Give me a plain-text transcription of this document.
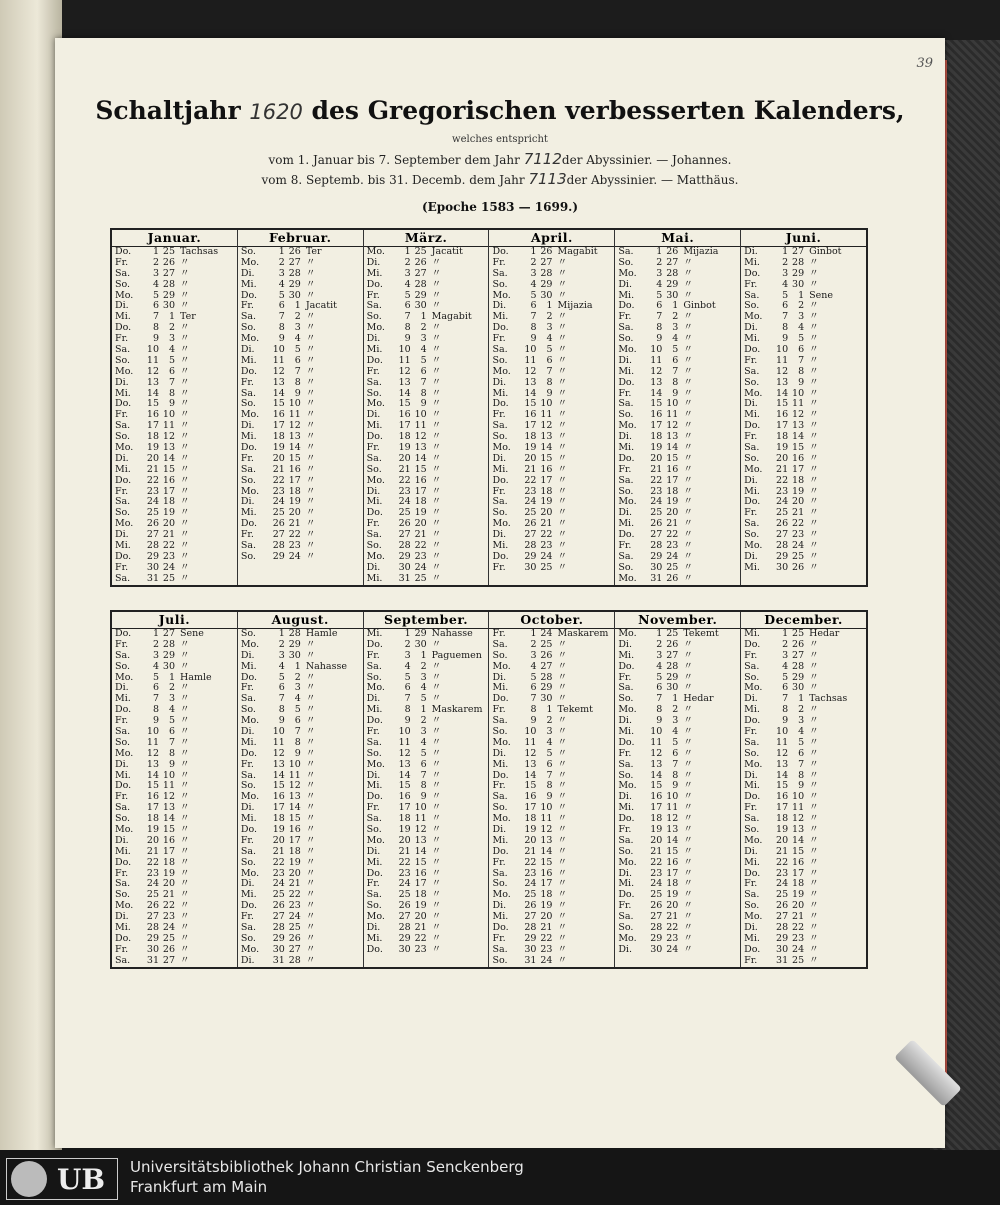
39
Schaltjahr 1620 des Gregorischen verbesserten Kalenders,
welches entspricht
vom 1. Januar bis 7. September dem Jahr 7112der Abyssinier. — Johannes.
vom 8. Septemb. bis 31. Decemb. dem Jahr 7113der Abyssinier. — Matthäus.
(Epoche 1583 — 1699.)
Januar.
Do.	1 25 Tachsas
Fr.	2 26 〃
Sa.	3 27 〃
So.	4 28 〃
Mo.	5 29 〃
Di.	6 30 〃
Mi.	7	1 Ter
Do.	8	2 〃
Fr.	9	3 〃
Sa.	10	4 〃
So.	11	5 〃
Mo.	12	6 〃
Di.	13	7 〃
Mi.	14	8 〃
Do.	15	9 〃
Fr.	16 10 〃
Sa.	17 11 〃
So.	18 12 〃
Mo.	19 13 〃
Di.	20 14 〃
Mi.	21 15 〃
Do.	22 16 〃
Fr.	23 17 〃
Sa.	24 18 〃
So.	25 19 〃
Mo.	26 20 〃
Di.	27 21 〃
Mi.	28 22 〃
Do.	29 23 〃
Fr.	30 24 〃
Sa.	31 25 〃
Februar.
So.	1 26 Ter
Mo.	2 27 〃
Di.	3 28 〃
Mi.	4 29 〃
Do.	5 30 〃
Fr.	6	1 Jacatit
Sa.	7	2 〃
So.	8	3 〃
Mo.	9	4 〃
Di.	10	5 〃
Mi.	11	6 〃
Do.	12	7 〃
Fr.	13	8 〃
Sa.	14	9 〃
So.	15 10 〃
Mo.	16 11 〃
Di.	17 12 〃
Mi.	18 13 〃
Do.	19 14 〃
Fr.	20 15 〃
Sa.	21 16 〃
So.	22 17 〃
Mo.	23 18 〃
Di.	24 19 〃
Mi.	25 20 〃
Do.	26 21 〃
Fr.	27 22 〃
Sa.	28 23 〃
So.	29 24 〃
März.
Mo.	1 25 Jacatit
Di.	2 26 〃
Mi.	3 27 〃
Do.	4 28 〃
Fr.	5 29 〃
Sa.	6 30 〃
So.	7	1 Magabit
Mo.	8	2 〃
Di.	9	3 〃
Mi.	10	4 〃
Do.	11	5 〃
Fr.	12	6 〃
Sa.	13	7 〃
So.	14	8 〃
Mo.	15	9 〃
Di.	16 10 〃
Mi.	17 11 〃
Do.	18 12 〃
Fr.	19 13 〃
Sa.	20 14 〃
So.	21 15 〃
Mo.	22 16 〃
Di.	23 17 〃
Mi.	24 18 〃
Do.	25 19 〃
Fr.	26 20 〃
Sa.	27 21 〃
So.	28 22 〃
Mo.	29 23 〃
Di.	30 24 〃
Mi.	31 25 〃
April.
Do.	1 26 Magabit
Fr.	2 27 〃
Sa.	3 28 〃
So.	4 29 〃
Mo.	5 30 〃
Di.	6	1 Mijazia
Mi.	7	2 〃
Do.	8	3 〃
Fr.	9	4 〃
Sa.	10	5 〃
So.	11	6 〃
Mo.	12	7 〃
Di.	13	8 〃
Mi.	14	9 〃
Do.	15 10 〃
Fr.	16 11 〃
Sa.	17 12 〃
So.	18 13 〃
Mo.	19 14 〃
Di.	20 15 〃
Mi.	21 16 〃
Do.	22 17 〃
Fr.	23 18 〃
Sa.	24 19 〃
So.	25 20 〃
Mo.	26 21 〃
Di.	27 22 〃
Mi.	28 23 〃
Do.	29 24 〃
Fr.	30 25 〃
Mai.
Sa.	1 26 Mijazia
So.	2 27 〃
Mo.	3 28 〃
Di.	4 29 〃
Mi.	5 30 〃
Do.	6	1 Ginbot
Fr.	7	2 〃
Sa.	8	3 〃
So.	9	4 〃
Mo.	10	5 〃
Di.	11	6 〃
Mi.	12	7 〃
Do.	13	8 〃
Fr.	14	9 〃
Sa.	15 10 〃
So.	16 11 〃
Mo.	17 12 〃
Di.	18 13 〃
Mi.	19 14 〃
Do.	20 15 〃
Fr.	21 16 〃
Sa.	22 17 〃
So.	23 18 〃
Mo.	24 19 〃
Di.	25 20 〃
Mi.	26 21 〃
Do.	27 22 〃
Fr.	28 23 〃
Sa.	29 24 〃
So.	30 25 〃
Mo.	31 26 〃
Juni.
Di.	1 27 Ginbot
Mi.	2 28 〃
Do.	3 29 〃
Fr.	4 30 〃
Sa.	5	1 Sene
So.	6	2 〃
Mo.	7	3 〃
Di.	8	4 〃
Mi.	9	5 〃
Do.	10	6 〃
Fr.	11	7 〃
Sa.	12	8 〃
So.	13	9 〃
Mo.	14 10 〃
Di.	15 11 〃
Mi.	16 12 〃
Do.	17 13 〃
Fr.	18 14 〃
Sa.	19 15 〃
So.	20 16 〃
Mo.	21 17 〃
Di.	22 18 〃
Mi.	23 19 〃
Do.	24 20 〃
Fr.	25 21 〃
Sa.	26 22 〃
So.	27 23 〃
Mo.	28 24 〃
Di.	29 25 〃
Mi.	30 26 〃
Juli.
Do.	1 27 Sene
Fr.	2 28 〃
Sa.	3 29 〃
So.	4 30 〃
Mo.	5	1 Hamle
Di.	6	2 〃
Mi.	7	3 〃
Do.	8	4 〃
Fr.	9	5 〃
Sa.	10	6 〃
So.	11	7 〃
Mo.	12	8 〃
Di.	13	9 〃
Mi.	14 10 〃
Do.	15 11 〃
Fr.	16 12 〃
Sa.	17 13 〃
So.	18 14 〃
Mo.	19 15 〃
Di.	20 16 〃
Mi.	21 17 〃
Do.	22 18 〃
Fr.	23 19 〃
Sa.	24 20 〃
So.	25 21 〃
Mo.	26 22 〃
Di.	27 23 〃
Mi.	28 24 〃
Do.	29 25 〃
Fr.	30 26 〃
Sa.	31 27 〃
August.
So.	1 28 Hamle
Mo.	2 29 〃
Di.	3 30 〃
Mi.	4	1 Nahasse
Do.	5	2 〃
Fr.	6	3 〃
Sa.	7	4 〃
So.	8	5 〃
Mo.	9	6 〃
Di.	10	7 〃
Mi.	11	8 〃
Do.	12	9 〃
Fr.	13 10 〃
Sa.	14 11 〃
So.	15 12 〃
Mo.	16 13 〃
Di.	17 14 〃
Mi.	18 15 〃
Do.	19 16 〃
Fr.	20 17 〃
Sa.	21 18 〃
So.	22 19 〃
Mo.	23 20 〃
Di.	24 21 〃
Mi.	25 22 〃
Do.	26 23 〃
Fr.	27 24 〃
Sa.	28 25 〃
So.	29 26 〃
Mo.	30 27 〃
Di.	31 28 〃
September.
Mi.	1 29 Nahasse
Do.	2 30 〃
Fr.	3	1 Paguemen
Sa.	4	2 〃
So.	5	3 〃
Mo.	6	4 〃
Di.	7	5 〃
Mi.	8	1 Maskarem
Do.	9	2 〃
Fr.	10	3 〃
Sa.	11	4 〃
So.	12	5 〃
Mo.	13	6 〃
Di.	14	7 〃
Mi.	15	8 〃
Do.	16	9 〃
Fr.	17 10 〃
Sa.	18 11 〃
So.	19 12 〃
Mo.	20 13 〃
Di.	21 14 〃
Mi.	22 15 〃
Do.	23 16 〃
Fr.	24 17 〃
Sa.	25 18 〃
So.	26 19 〃
Mo.	27 20 〃
Di.	28 21 〃
Mi.	29 22 〃
Do.	30 23 〃
October.
Fr.	1 24 Maskarem
Sa.	2 25 〃
So.	3 26 〃
Mo.	4 27 〃
Di.	5 28 〃
Mi.	6 29 〃
Do.	7 30 〃
Fr.	8	1 Tekemt
Sa.	9	2 〃
So.	10	3 〃
Mo.	11	4 〃
Di.	12	5 〃
Mi.	13	6 〃
Do.	14	7 〃
Fr.	15	8 〃
Sa.	16	9 〃
So.	17 10 〃
Mo.	18 11 〃
Di.	19 12 〃
Mi.	20 13 〃
Do.	21 14 〃
Fr.	22 15 〃
Sa.	23 16 〃
So.	24 17 〃
Mo.	25 18 〃
Di.	26 19 〃
Mi.	27 20 〃
Do.	28 21 〃
Fr.	29 22 〃
Sa.	30 23 〃
So.	31 24 〃
November.
Mo.	1 25 Tekemt
Di.	2 26 〃
Mi.	3 27 〃
Do.	4 28 〃
Fr.	5 29 〃
Sa.	6 30 〃
So.	7	1 Hedar
Mo.	8	2 〃
Di.	9	3 〃
Mi.	10	4 〃
Do.	11	5 〃
Fr.	12	6 〃
Sa.	13	7 〃
So.	14	8 〃
Mo.	15	9 〃
Di.	16 10 〃
Mi.	17 11 〃
Do.	18 12 〃
Fr.	19 13 〃
Sa.	20 14 〃
So.	21 15 〃
Mo.	22 16 〃
Di.	23 17 〃
Mi.	24 18 〃
Do.	25 19 〃
Fr.	26 20 〃
Sa.	27 21 〃
So.	28 22 〃
Mo.	29 23 〃
Di.	30 24 〃
December.
Mi.	1 25 Hedar
Do.	2 26 〃
Fr.	3 27 〃
Sa.	4 28 〃
So.	5 29 〃
Mo.	6 30 〃
Di.	7	1 Tachsas
Mi.	8	2 〃
Do.	9	3 〃
Fr.	10	4 〃
Sa.	11	5 〃
So.	12	6 〃
Mo.	13	7 〃
Di.	14	8 〃
Mi.	15	9 〃
Do.	16 10 〃
Fr.	17 11 〃
Sa.	18 12 〃
So.	19 13 〃
Mo.	20 14 〃
Di.	21 15 〃
Mi.	22 16 〃
Do.	23 17 〃
Fr.	24 18 〃
Sa.	25 19 〃
So.	26 20 〃
Mo.	27 21 〃
Di.	28 22 〃
Mi.	29 23 〃
Do.	30 24 〃
Fr.	31 25 〃
UB Universitätsbibliothek Johann Christian Senckenberg
Frankfurt am Main
